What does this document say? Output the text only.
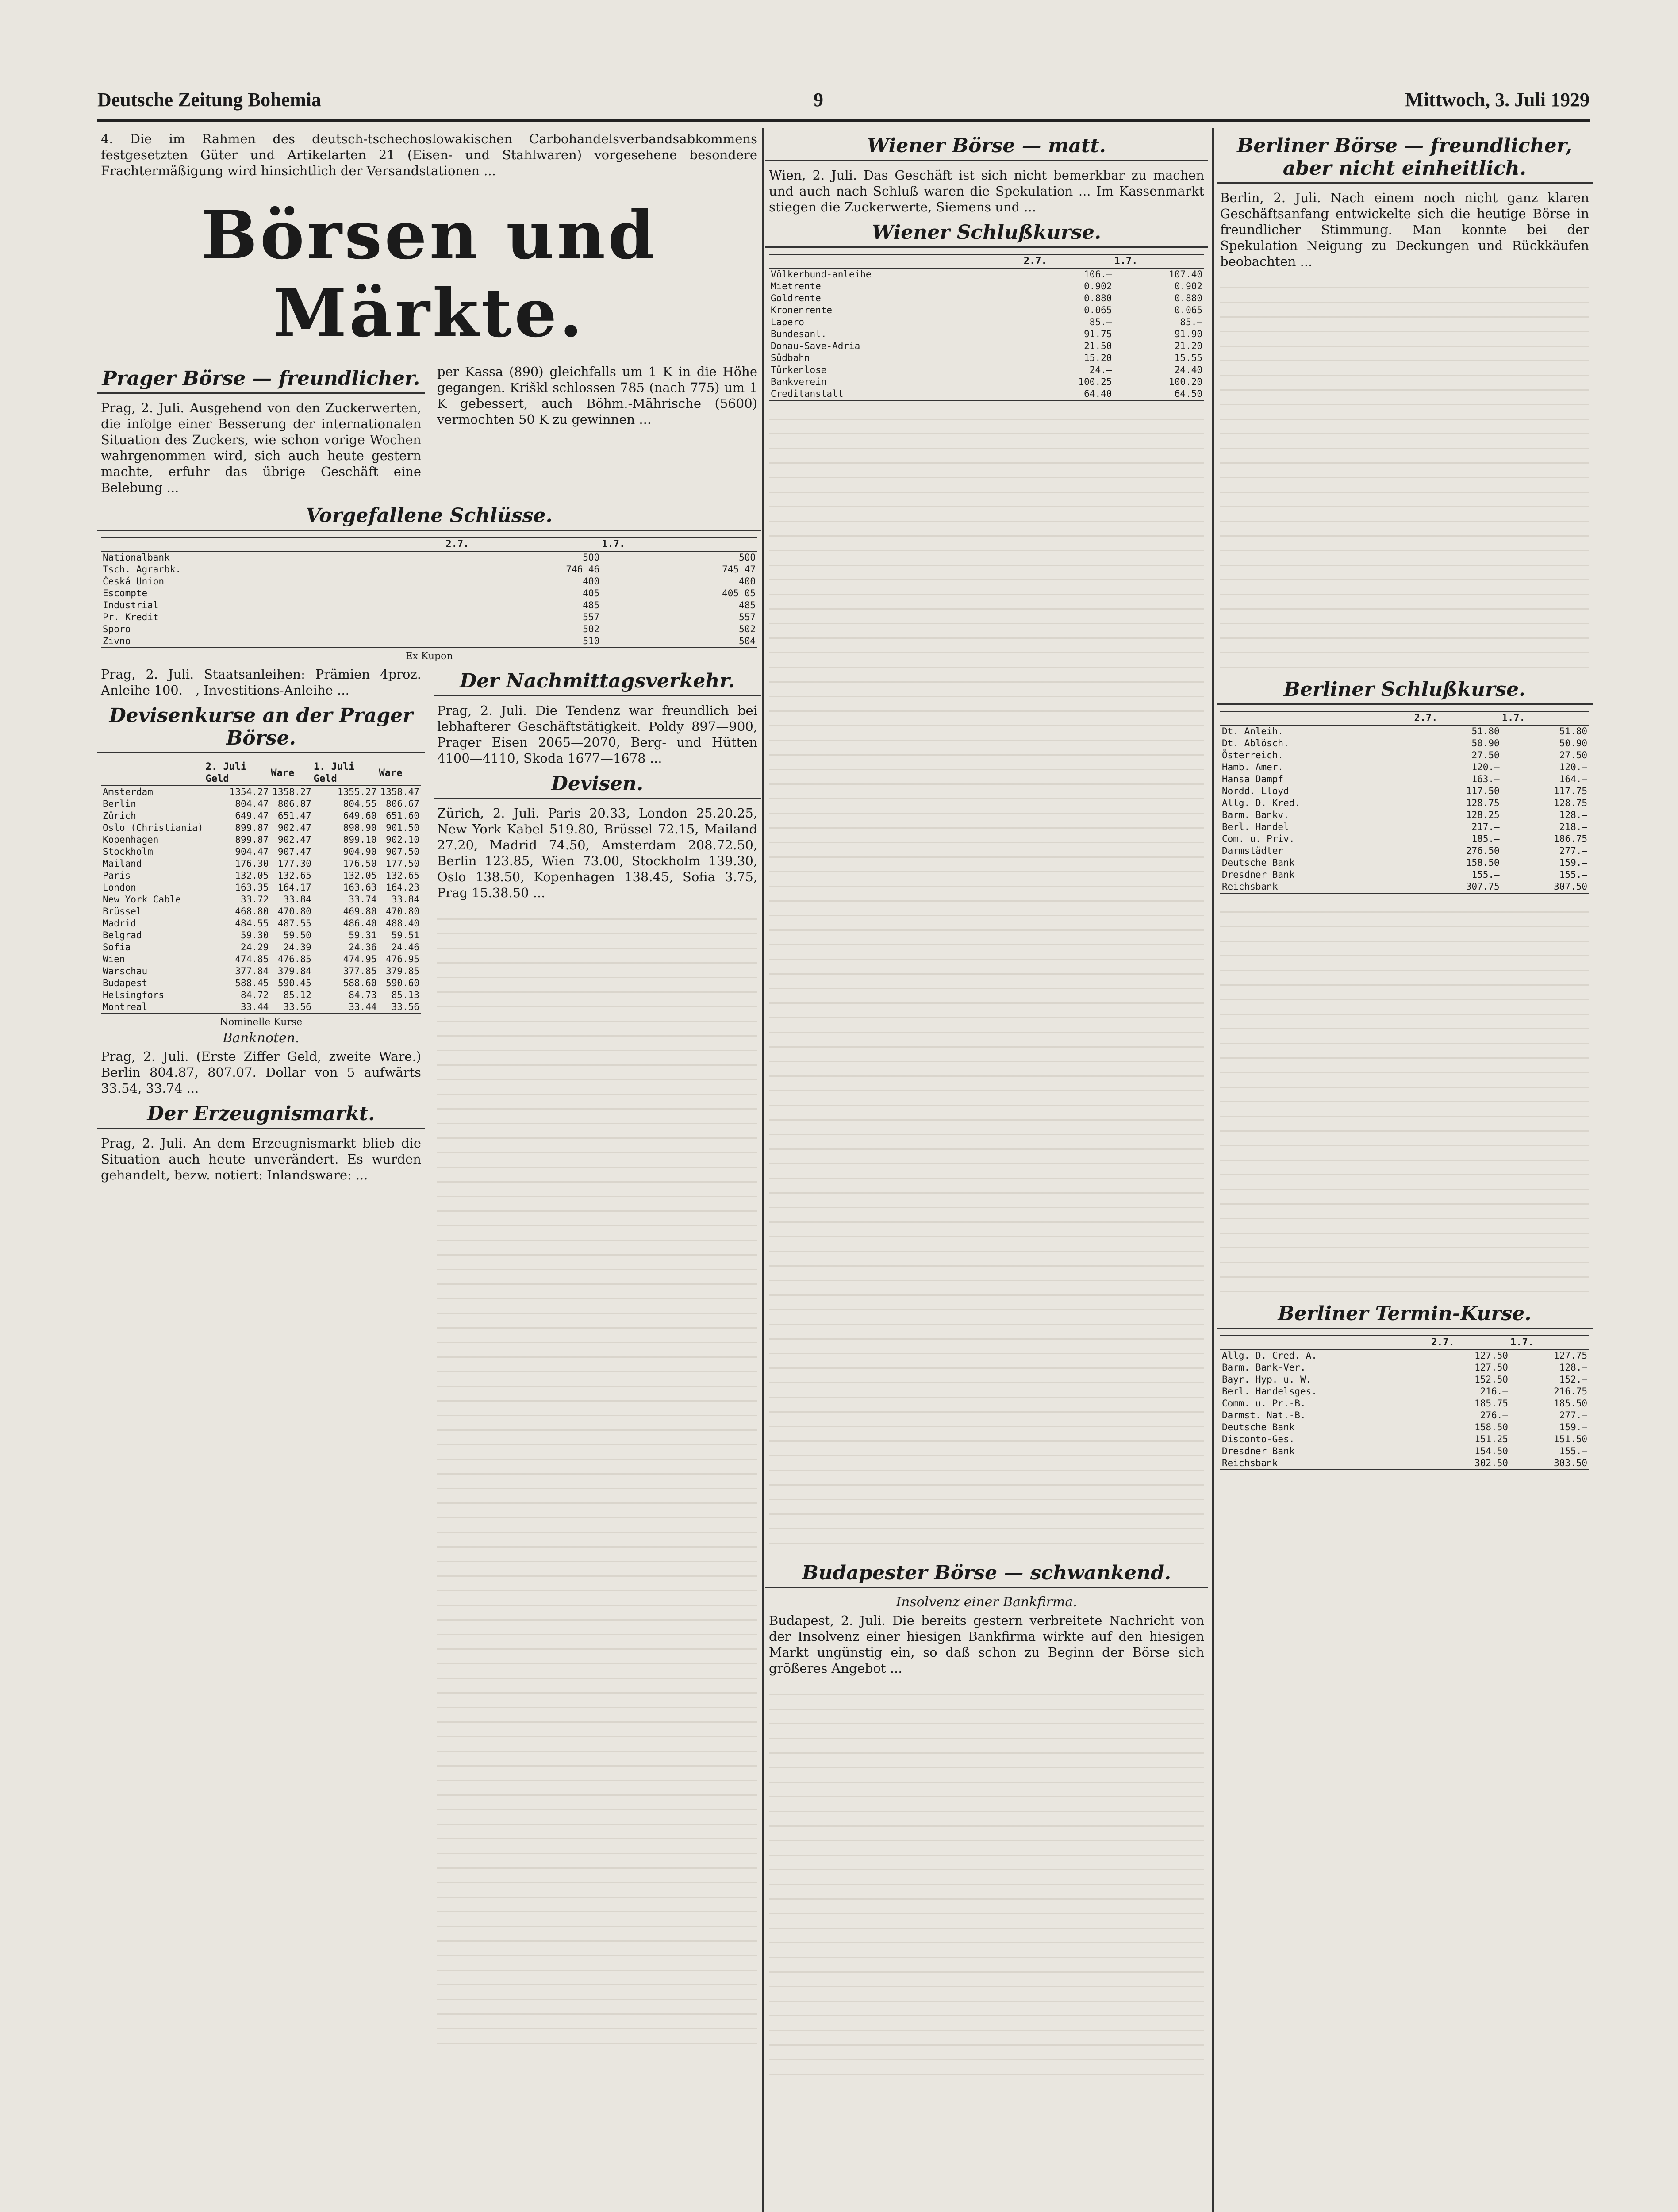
Deutsche Zeitung Bohemia	9	Mittwoch, 3. Juli 1929

4. Die im Rahmen des deutsch-tschechoslowakischen Carbohandelsverbandsabkommens festgesetzten Güter und Artikelarten 21 (Eisen- und Stahlwaren) vorgesehene besondere Frachtermäßigung wird hinsichtlich der Versandstationen ...

Börsen und Märkte.
Prager Börse — freundlicher.

Prag, 2. Juli. Ausgehend von den Zuckerwerten, die infolge einer Besserung der internationalen Situation des Zuckers, wie schon vorige Wochen wahrgenommen wird, sich auch heute gestern machte, erfuhr das übrige Geschäft eine Belebung ...

per Kassa (890) gleichfalls um 1 K in die Höhe gegangen. Kriškl schlossen 785 (nach 775) um 1 K gebessert, auch Böhm.-Mährische (5600) vermochten 50 K zu gewinnen ...

Vorgefallene Schlüsse.
	2.7.	1.7.
Nationalbank	500	500
Tsch. Agrarbk.	746 46	745 47
Česká Union	400	400
Escompte	405	405 05
Industrial	485	485
Pr. Kredit	557	557
Sporo	502	502
Zivno	510	504
Ex Kupon

Prag, 2. Juli. Staatsanleihen: Prämien 4proz. Anleihe 100.—, Investitions-Anleihe ...

Devisenkurse an der Prager Börse.
	2. Juli Geld	Ware	1. Juli Geld	Ware
Amsterdam	1354.27	1358.27	1355.27	1358.47
Berlin	804.47	806.87	804.55	806.67
Zürich	649.47	651.47	649.60	651.60
Oslo (Christiania)	899.87	902.47	898.90	901.50
Kopenhagen	899.87	902.47	899.10	902.10
Stockholm	904.47	907.47	904.90	907.50
Mailand	176.30	177.30	176.50	177.50
Paris	132.05	132.65	132.05	132.65
London	163.35	164.17	163.63	164.23
New York Cable	33.72	33.84	33.74	33.84
Brüssel	468.80	470.80	469.80	470.80
Madrid	484.55	487.55	486.40	488.40
Belgrad	59.30	59.50	59.31	59.51
Sofia	24.29	24.39	24.36	24.46
Wien	474.85	476.85	474.95	476.95
Warschau	377.84	379.84	377.85	379.85
Budapest	588.45	590.45	588.60	590.60
Helsingfors	84.72	85.12	84.73	85.13
Montreal	33.44	33.56	33.44	33.56
Nominelle Kurse
Banknoten.

Prag, 2. Juli. (Erste Ziffer Geld, zweite Ware.) Berlin 804.87, 807.07. Dollar von 5 aufwärts 33.54, 33.74 ...

Der Erzeugnismarkt.

Prag, 2. Juli. An dem Erzeugnismarkt blieb die Situation auch heute unverändert. Es wurden gehandelt, bezw. notiert: Inlandsware: ...

Der Nachmittagsverkehr.

Prag, 2. Juli. Die Tendenz war freundlich bei lebhafterer Geschäftstätigkeit. Poldy 897—900, Prager Eisen 2065—2070, Berg- und Hütten 4100—4110, Skoda 1677—1678 ...

Devisen.

Zürich, 2. Juli. Paris 20.33, London 25.20.25, New York Kabel 519.80, Brüssel 72.15, Mailand 27.20, Madrid 74.50, Amsterdam 208.72.50, Berlin 123.85, Wien 73.00, Stockholm 139.30, Oslo 138.50, Kopenhagen 138.45, Sofia 3.75, Prag 15.38.50 ...

Wiener Börse — matt.

Wien, 2. Juli. Das Geschäft ist sich nicht bemerkbar zu machen und auch nach Schluß waren die Spekulation ... Im Kassenmarkt stiegen die Zuckerwerte, Siemens und ...

Wiener Schlußkurse.
	2.7.	1.7.
Völkerbund-anleihe	106.—	107.40
Mietrente	0.902	0.902
Goldrente	0.880	0.880
Kronenrente	0.065	0.065
Lapero	85.—	85.—
Bundesanl.	91.75	91.90
Donau-Save-Adria	21.50	21.20
Südbahn	15.20	15.55
Türkenlose	24.—	24.40
Bankverein	100.25	100.20
Creditanstalt	64.40	64.50
Budapester Börse — schwankend.
Insolvenz einer Bankfirma.

Budapest, 2. Juli. Die bereits gestern verbreitete Nachricht von der Insolvenz einer hiesigen Bankfirma wirkte auf den hiesigen Markt ungünstig ein, so daß schon zu Beginn der Börse sich größeres Angebot ...

Berliner Börse — freundlicher, aber nicht einheitlich.

Berlin, 2. Juli. Nach einem noch nicht ganz klaren Geschäftsanfang entwickelte sich die heutige Börse in freundlicher Stimmung. Man konnte bei der Spekulation Neigung zu Deckungen und Rückkäufen beobachten ...

Berliner Schlußkurse.
	2.7.	1.7.
Dt. Anleih.	51.80	51.80
Dt. Ablösch.	50.90	50.90
Österreich.	27.50	27.50
Hamb. Amer.	120.—	120.—
Hansa Dampf	163.—	164.—
Nordd. Lloyd	117.50	117.75
Allg. D. Kred.	128.75	128.75
Barm. Bankv.	128.25	128.—
Berl. Handel	217.—	218.—
Com. u. Priv.	185.—	186.75
Darmstädter	276.50	277.—
Deutsche Bank	158.50	159.—
Dresdner Bank	155.—	155.—
Reichsbank	307.75	307.50
Berliner Termin-Kurse.
	2.7.	1.7.
Allg. D. Cred.-A.	127.50	127.75
Barm. Bank-Ver.	127.50	128.—
Bayr. Hyp. u. W.	152.50	152.—
Berl. Handelsges.	216.—	216.75
Comm. u. Pr.-B.	185.75	185.50
Darmst. Nat.-B.	276.—	277.—
Deutsche Bank	158.50	159.—
Disconto-Ges.	151.25	151.50
Dresdner Bank	154.50	155.—
Reichsbank	302.50	303.50
